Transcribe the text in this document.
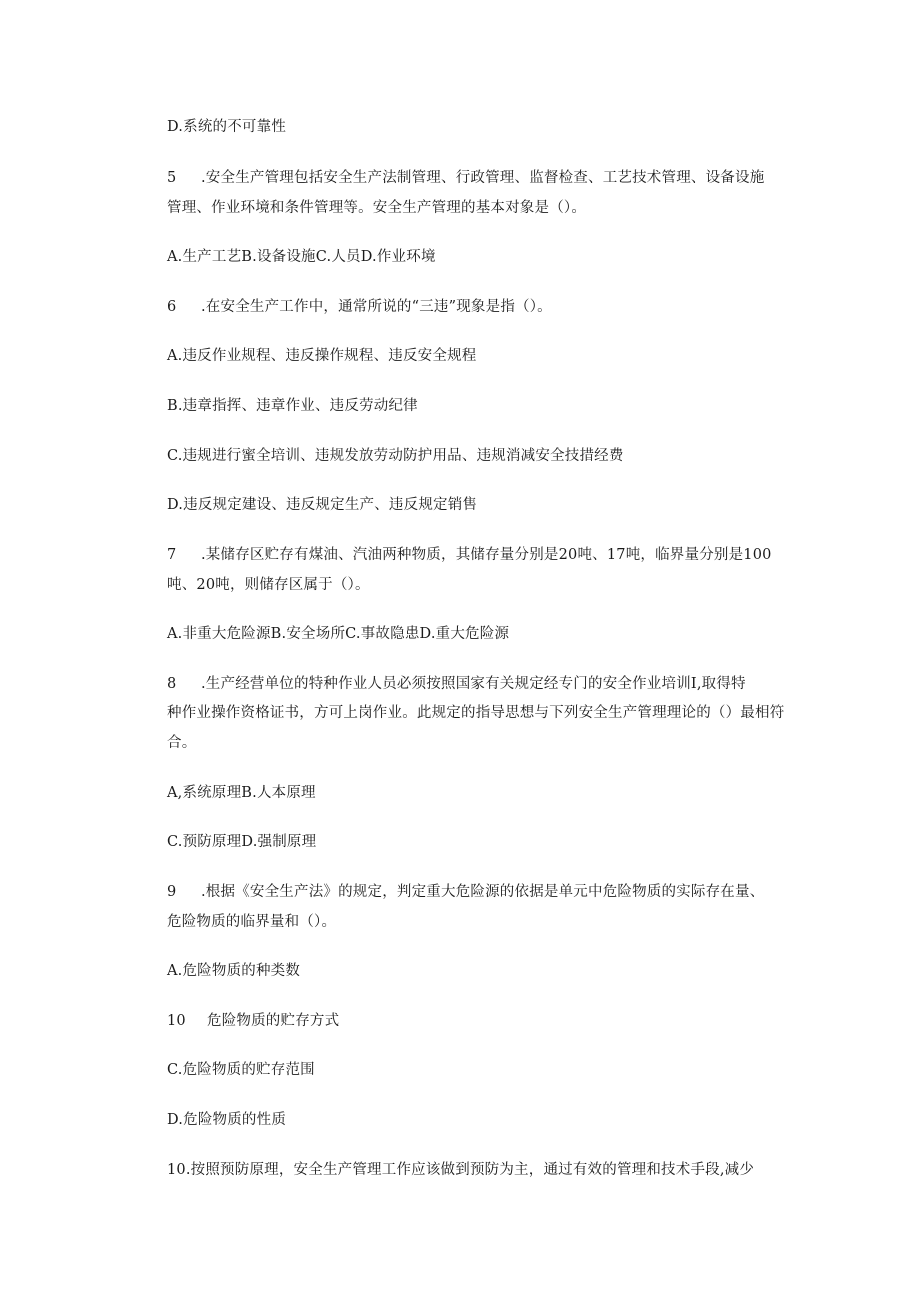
D.系统的不可靠性

5 .安全生产管理包括安全生产法制管理、行政管理、监督检查、工艺技术管理、设备设施

管理、作业环境和条件管理等。安全生产管理的基本对象是（）。

A.生产工艺B.设备设施C.人员D.作业环境

6 .在安全生产工作中，通常所说的“三违”现象是指（）。

A.违反作业规程、违反操作规程、违反安全规程

B.违章指挥、违章作业、违反劳动纪律

C.违规进行蜜全培训、违规发放劳动防护用品、违规消减安全技措经费

D.违反规定建设、违反规定生产、违反规定销售

7 .某储存区贮存有煤油、汽油两种物质，其储存量分别是20吨、17吨，临界量分别是100

吨、20吨，则储存区属于（）。

A.非重大危险源B.安全场所C.事故隐患D.重大危险源

8 .生产经营单位的特种作业人员必须按照国家有关规定经专门的安全作业培训I,取得特

种作业操作资格证书，方可上岗作业。此规定的指导思想与下列安全生产管理理论的（）最相符

合。

A,系统原理B.人本原理

C.预防原理D.强制原理

9 .根据《安全生产法》的规定，判定重大危险源的依据是单元中危险物质的实际存在量、

危险物质的临界量和（）。

A.危险物质的种类数

10 危险物质的贮存方式

C.危险物质的贮存范围

D.危险物质的性质

10.按照预防原理，安全生产管理工作应该做到预防为主，通过有效的管理和技术手段,减少
